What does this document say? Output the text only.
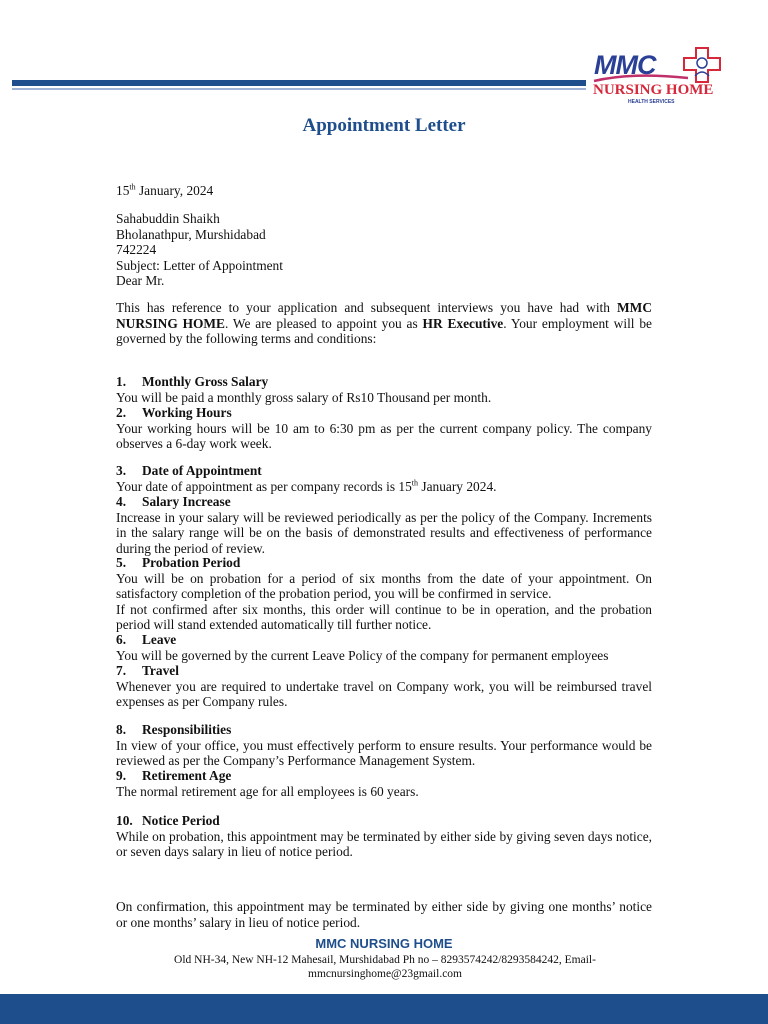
MMC
NURSING HOME
HEALTH SERVICES
Appointment Letter
15th January, 2024

Sahabuddin Shaikh

Bholanathpur, Murshidabad

742224

Subject: Letter of Appointment

Dear Mr.

This has reference to your application and subsequent interviews you have had with MMC NURSING HOME. We are pleased to appoint you as HR Executive. Your employment will be governed by the following terms and conditions:
1.	Monthly Gross Salary

You will be paid a monthly gross salary of Rs10 Thousand per month.

2.	Working Hours

Your working hours will be 10 am to 6:30 pm as per the current company policy. The company observes a 6-day work week.

3.	Date of Appointment

Your date of appointment as per company records is 15th January 2024.

4.	Salary Increase

Increase in your salary will be reviewed periodically as per the policy of the Company. Increments in the salary range will be on the basis of demonstrated results and effectiveness of performance during the period of review.

5.	Probation Period

You will be on probation for a period of six months from the date of your appointment. On satisfactory completion of the probation period, you will be confirmed in service.

If not confirmed after six months, this order will continue to be in operation, and the probation period will stand extended automatically till further notice.

6.	Leave

You will be governed by the current Leave Policy of the company for permanent employees

7.	Travel

Whenever you are required to undertake travel on Company work, you will be reimbursed travel expenses as per Company rules.

8.	Responsibilities

In view of your office, you must effectively perform to ensure results. Your performance would be reviewed as per the Company’s Performance Management System.

9.	Retirement Age

The normal retirement age for all employees is 60 years.

10. Notice Period

While on probation, this appointment may be terminated by either side by giving seven days notice, or seven days salary in lieu of notice period.

On confirmation, this appointment may be terminated by either side by giving one months’ notice or one months’ salary in lieu of notice period.
MMC NURSING HOME
Old NH-34, New NH-12 Mahesail, Murshidabad Ph no – 8293574242/8293584242, Email-mmcnursinghome@23gmail.com
